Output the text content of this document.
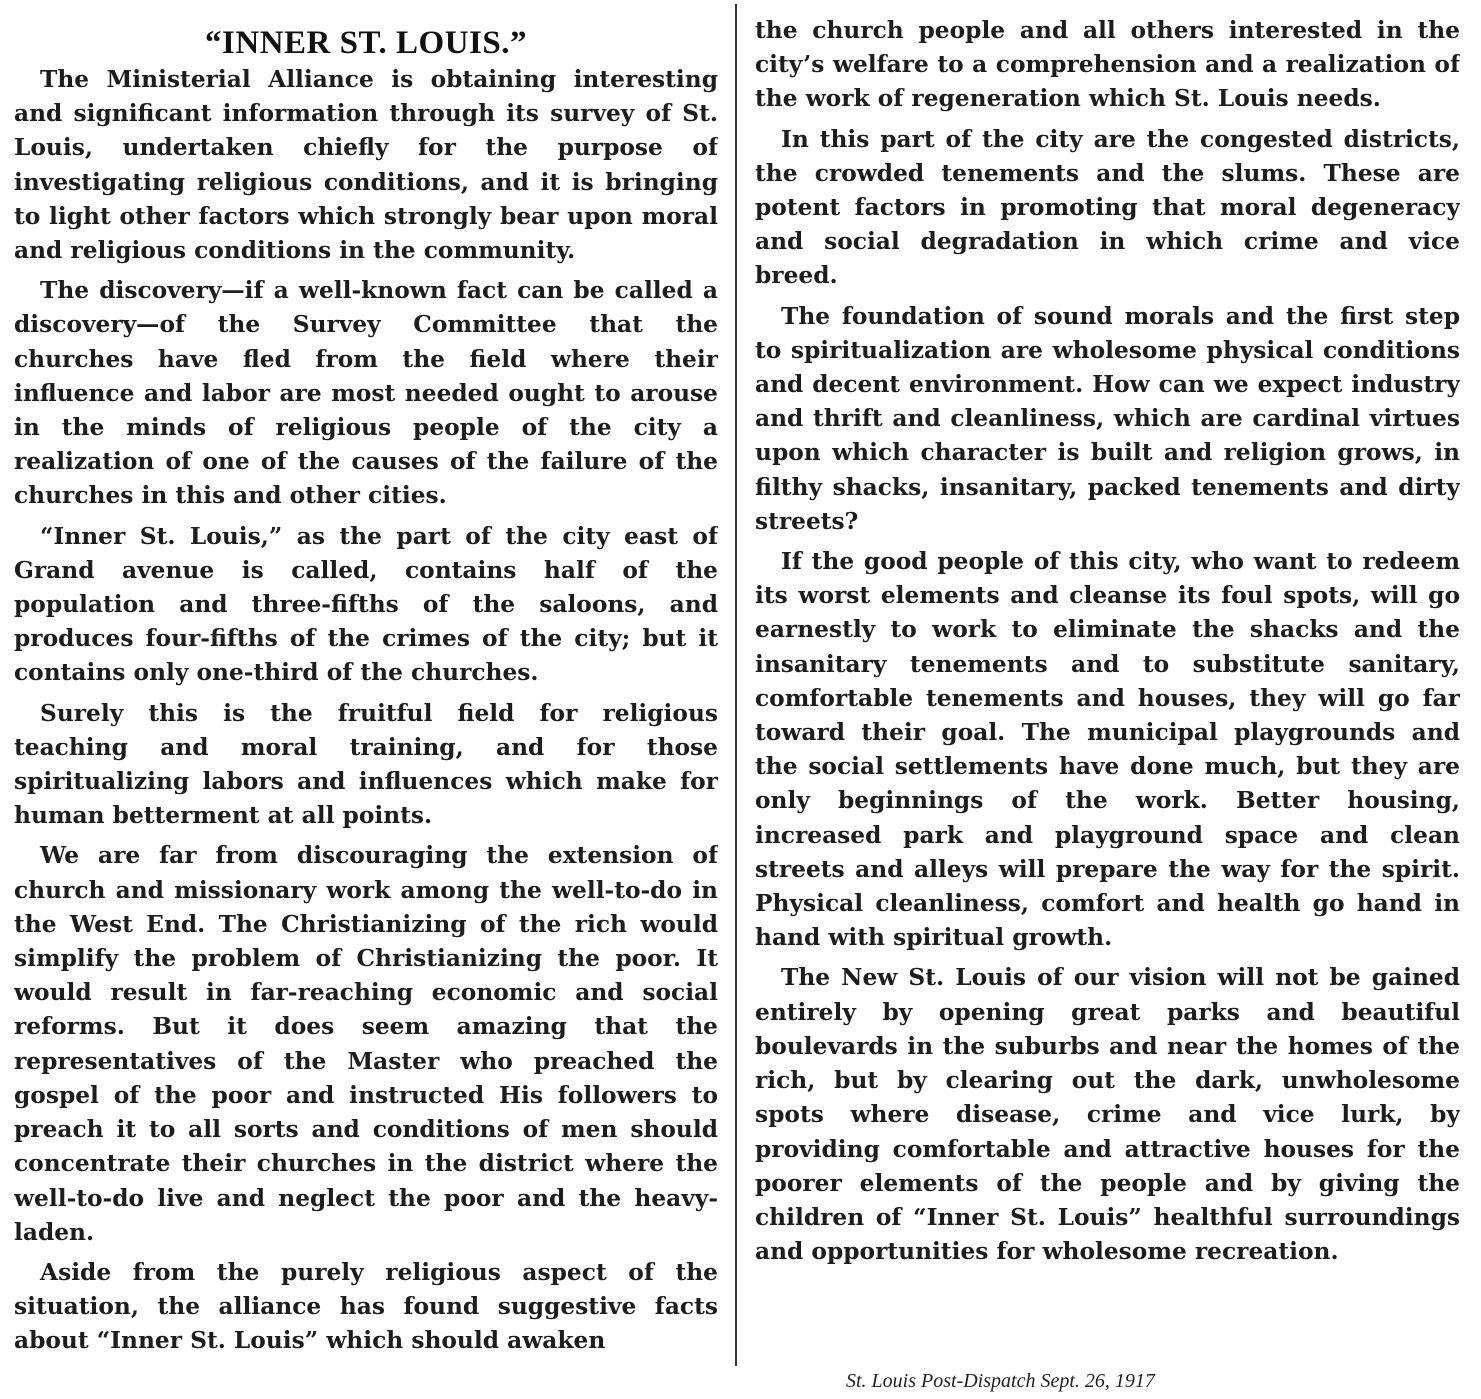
“INNER ST. LOUIS.”

The Ministerial Alliance is obtaining interesting and significant information through its survey of St. Louis, undertaken chiefly for the purpose of investigating religious conditions, and it is bringing to light other factors which strongly bear upon moral and religious conditions in the community.

The discovery—if a well-known fact can be called a discovery—of the Survey Committee that the churches have fled from the field where their influence and labor are most needed ought to arouse in the minds of religious people of the city a realization of one of the causes of the failure of the churches in this and other cities.

“Inner St. Louis,” as the part of the city east of Grand avenue is called, contains half of the population and three-fifths of the saloons, and produces four-fifths of the crimes of the city; but it contains only one-third of the churches.

Surely this is the fruitful field for religious teaching and moral training, and for those spiritualizing labors and influences which make for human betterment at all points.

We are far from discouraging the extension of church and missionary work among the well-to-do in the West End. The Christianizing of the rich would simplify the problem of Christianizing the poor. It would result in far-reaching economic and social reforms. But it does seem amazing that the representatives of the Master who preached the gospel of the poor and instructed His followers to preach it to all sorts and conditions of men should concentrate their churches in the district where the well-to-do live and neglect the poor and the heavy-laden.

Aside from the purely religious aspect of the situation, the alliance has found suggestive facts about “Inner St. Louis” which should awaken

the church people and all others interested in the city’s welfare to a comprehension and a realization of the work of regeneration which St. Louis needs.

In this part of the city are the congested districts, the crowded tenements and the slums. These are potent factors in promoting that moral degeneracy and social degradation in which crime and vice breed.

The foundation of sound morals and the first step to spiritualization are wholesome physical conditions and decent environment. How can we expect industry and thrift and cleanliness, which are cardinal virtues upon which character is built and religion grows, in filthy shacks, insanitary, packed tenements and dirty streets?

If the good people of this city, who want to redeem its worst elements and cleanse its foul spots, will go earnestly to work to eliminate the shacks and the insanitary tenements and to substitute sanitary, comfortable tenements and houses, they will go far toward their goal. The municipal playgrounds and the social settlements have done much, but they are only beginnings of the work. Better housing, increased park and playground space and clean streets and alleys will prepare the way for the spirit. Physical cleanliness, comfort and health go hand in hand with spiritual growth.

The New St. Louis of our vision will not be gained entirely by opening great parks and beautiful boulevards in the suburbs and near the homes of the rich, but by clearing out the dark, unwholesome spots where disease, crime and vice lurk, by providing comfortable and attractive houses for the poorer elements of the people and by giving the children of “Inner St. Louis” healthful surroundings and opportunities for wholesome recreation.

St. Louis Post-Dispatch Sept. 26, 1917
